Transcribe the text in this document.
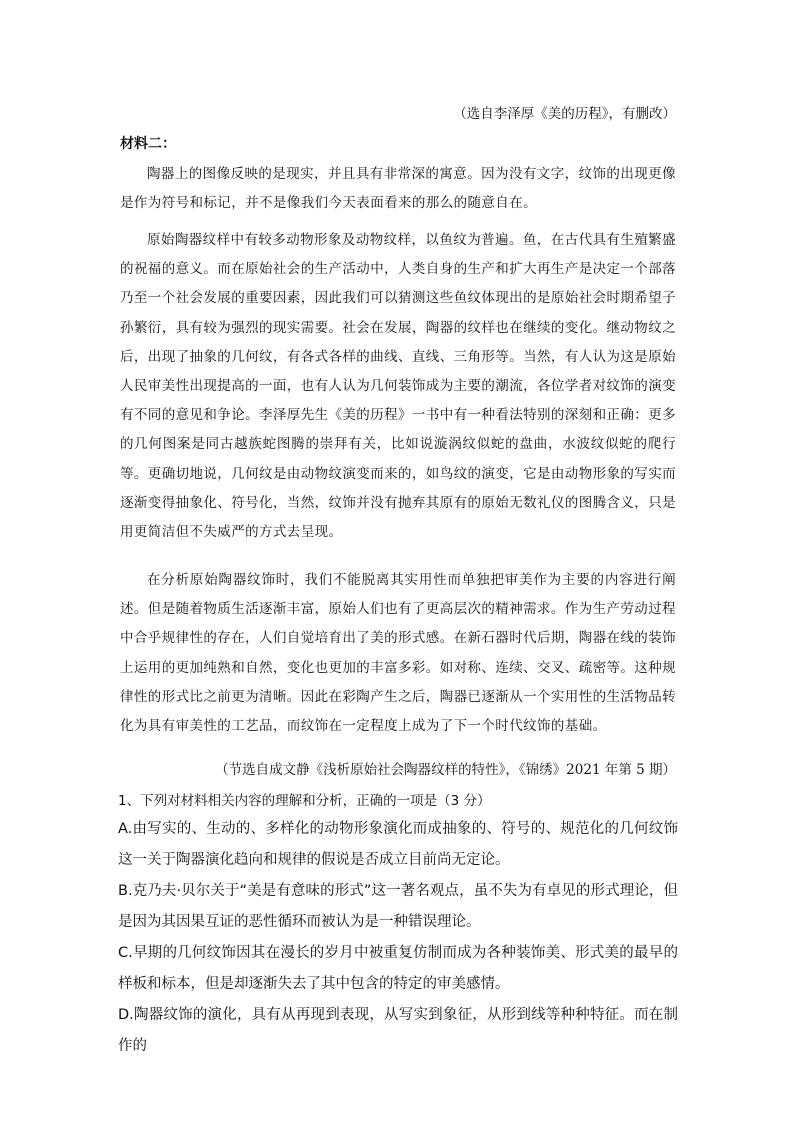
（选自李泽厚《美的历程》，有删改）
材料二：

陶器上的图像反映的是现实，并且具有非常深的寓意。因为没有文字，纹饰的出现更像是作为符号和标记，并不是像我们今天表面看来的那么的随意自在。

原始陶器纹样中有较多动物形象及动物纹样，以鱼纹为普遍。鱼，在古代具有生殖繁盛的祝福的意义。而在原始社会的生产活动中，人类自身的生产和扩大再生产是决定一个部落乃至一个社会发展的重要因素，因此我们可以猜测这些鱼纹体现出的是原始社会时期希望子孙繁衍，具有较为强烈的现实需要。社会在发展，陶器的纹样也在继续的变化。继动物纹之后，出现了抽象的几何纹，有各式各样的曲线、直线、三角形等。当然，有人认为这是原始人民审美性出现提高的一面，也有人认为几何装饰成为主要的潮流，各位学者对纹饰的演变有不同的意见和争论。李泽厚先生《美的历程》一书中有一种看法特别的深刻和正确：更多的几何图案是同古越族蛇图腾的崇拜有关，比如说漩涡纹似蛇的盘曲，水波纹似蛇的爬行等。更确切地说，几何纹是由动物纹演变而来的，如鸟纹的演变，它是由动物形象的写实而逐渐变得抽象化、符号化，当然，纹饰并没有抛弃其原有的原始无数礼仪的图腾含义，只是用更简洁但不失威严的方式去呈现。

在分析原始陶器纹饰时，我们不能脱离其实用性而单独把审美作为主要的内容进行阐述。但是随着物质生活逐渐丰富，原始人们也有了更高层次的精神需求。作为生产劳动过程中合乎规律性的存在，人们自觉培育出了美的形式感。在新石器时代后期，陶器在线的装饰上运用的更加纯熟和自然，变化也更加的丰富多彩。如对称、连续、交叉、疏密等。这种规律性的形式比之前更为清晰。因此在彩陶产生之后，陶器已逐渐从一个实用性的生活物品转化为具有审美性的工艺品，而纹饰在一定程度上成为了下一个时代纹饰的基础。

（节选自成文静《浅析原始社会陶器纹样的特性》，《锦绣》2021 年第 5 期）
1、下列对材料相关内容的理解和分析，正确的一项是（3 分）

A.由写实的、生动的、多样化的动物形象演化而成抽象的、符号的、规范化的几何纹饰这一关于陶器演化趋向和规律的假说是否成立目前尚无定论。

B.克乃夫·贝尔关于“美是有意味的形式”这一著名观点，虽不失为有卓见的形式理论，但是因为其因果互证的恶性循环而被认为是一种错误理论。

C.早期的几何纹饰因其在漫长的岁月中被重复仿制而成为各种装饰美、形式美的最早的样板和标本，但是却逐渐失去了其中包含的特定的审美感情。

D.陶器纹饰的演化，具有从再现到表现，从写实到象征，从形到线等种种特征。而在制作的
